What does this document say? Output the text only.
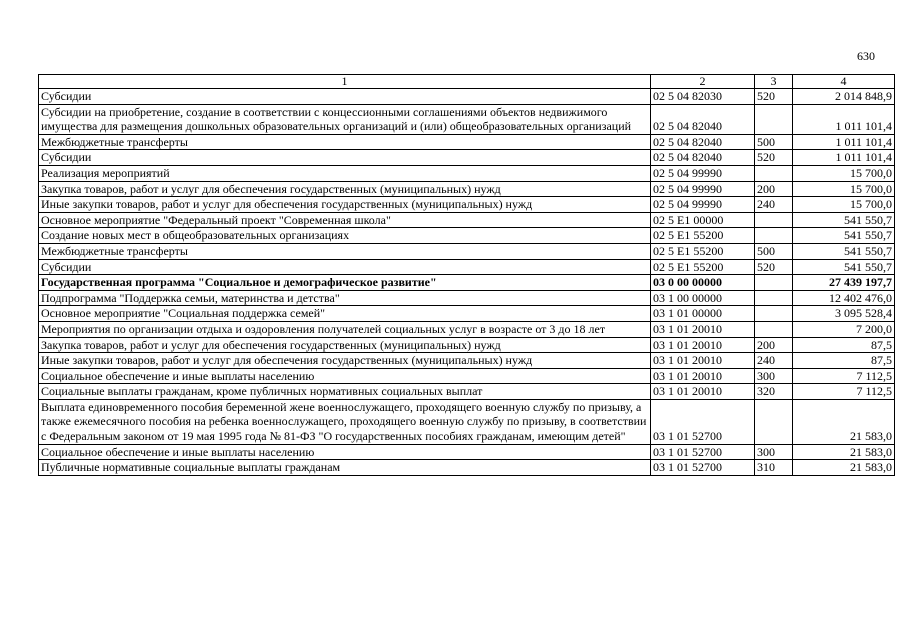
630
1	2	3	4
Субсидии	02 5 04 82030	520	2 014 848,9
Субсидии на приобретение, создание в соответствии с концессионными соглашениями объектов недвижимого имущества для размещения дошкольных образовательных организаций и (или) общеобразовательных организаций	02 5 04 82040		1 011 101,4
Межбюджетные трансферты	02 5 04 82040	500	1 011 101,4
Субсидии	02 5 04 82040	520	1 011 101,4
Реализация мероприятий	02 5 04 99990		15 700,0
Закупка товаров, работ и услуг для обеспечения государственных (муниципальных) нужд	02 5 04 99990	200	15 700,0
Иные закупки товаров, работ и услуг для обеспечения государственных (муниципальных) нужд	02 5 04 99990	240	15 700,0
Основное мероприятие "Федеральный проект "Современная школа"	02 5 E1 00000		541 550,7
Создание новых мест в общеобразовательных организациях	02 5 E1 55200		541 550,7
Межбюджетные трансферты	02 5 E1 55200	500	541 550,7
Субсидии	02 5 E1 55200	520	541 550,7
Государственная программа "Социальное и демографическое развитие"	03 0 00 00000		27 439 197,7
Подпрограмма "Поддержка семьи, материнства и детства"	03 1 00 00000		12 402 476,0
Основное мероприятие "Социальная поддержка семей"	03 1 01 00000		3 095 528,4
Мероприятия по организации отдыха и оздоровления получателей социальных услуг в возрасте от 3 до 18 лет	03 1 01 20010		7 200,0
Закупка товаров, работ и услуг для обеспечения государственных (муниципальных) нужд	03 1 01 20010	200	87,5
Иные закупки товаров, работ и услуг для обеспечения государственных (муниципальных) нужд	03 1 01 20010	240	87,5
Социальное обеспечение и иные выплаты населению	03 1 01 20010	300	7 112,5
Социальные выплаты гражданам, кроме публичных нормативных социальных выплат	03 1 01 20010	320	7 112,5
Выплата единовременного пособия беременной жене военнослужащего, проходящего военную службу по призыву, а также ежемесячного пособия на ребенка военнослужащего, проходящего военную службу по призыву, в соответствии с Федеральным законом от 19 мая 1995 года № 81-ФЗ "О государственных пособиях гражданам, имеющим детей"	03 1 01 52700		21 583,0
Социальное обеспечение и иные выплаты населению	03 1 01 52700	300	21 583,0
Публичные нормативные социальные выплаты гражданам	03 1 01 52700	310	21 583,0
